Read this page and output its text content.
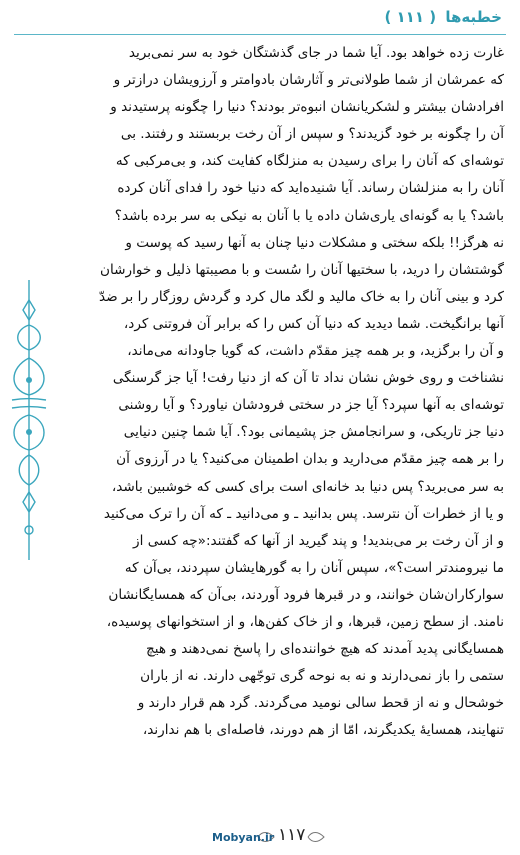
خطبه‌ها ( ۱۱۱ )
غارت زده خواهد بود. آیا شما در جای گذشتگان خود به سر نمی‌برید
که عمرشان از شما طولانی‌تر و آثارشان بادوامتر و آرزویشان درازتر و
افرادشان بیشتر و لشکریانشان انبوه‌تر بودند؟ دنیا را چگونه پرستیدند و
آن را چگونه بر خود گزیدند؟ و سپس از آن رخت بربستند و رفتند. بی
توشه‌ای که آنان را برای رسیدن به منزلگاه کفایت کند، و بی‌مرکبی که
آنان را به منزلشان رساند. آیا شنیده‌اید که دنیا خود را فدای آنان کرده
باشد؟ یا به گونه‌ای یاری‌شان داده یا با آنان به نیکی به سر برده باشد؟
نه هرگز!! بلکه سختی و مشکلات دنیا چنان به آنها رسید که پوست و
گوشتشان را درید، با سختیها آنان را سُست و با مصیبتها ذلیل و خوارشان
کرد و بینی آنان را به خاک مالید و لگد مال کرد و گردش روزگار را بر ضدّ
آنها برانگیخت. شما دیدید که دنیا آن کس را که برابر آن فروتنی کرد،
و آن را برگزید، و بر همه چیز مقدّم داشت، که گویا جاودانه می‌ماند،
نشناخت و روی خوش نشان نداد تا آن که از دنیا رفت! آیا جز گرسنگی
توشه‌ای به آنها سپرد؟ آیا جز در سختی فرودشان نیاورد؟ و آیا روشنی
دنیا جز تاریکی، و سرانجامش جز پشیمانی بود؟. آیا شما چنین دنیایی
را بر همه چیز مقدّم می‌دارید و بدان اطمینان می‌کنید؟ یا در آرزوی آن
به سر می‌برید؟ پس دنیا بد خانه‌ای است برای کسی که خوشبین باشد،
و یا از خطرات آن نترسد. پس بدانید ـ و می‌دانید ـ که آن را ترک می‌کنید
و از آن رخت بر می‌بندید! و پند گیرید از آنها که گفتند:«چه کسی از
ما نیرومندتر است؟»، سپس آنان را به گورهایشان سپردند، بی‌آن که
سوارکاران‌شان خوانند، و در قبرها فرود آوردند، بی‌آن که همسایگانشان
نامند. از سطح زمین، قبرها، و از خاک کفن‌ها، و از استخوانهای پوسیده،
همسایگانی پدید آمدند که هیچ خواننده‌ای را پاسخ نمی‌دهند و هیچ
ستمی را باز نمی‌دارند و نه به نوحه گری توجّهی دارند. نه از باران
خوشحال و نه از قحط سالی نومید می‌گردند. گرد هم قرار دارند و
تنهایند، همسایهٔ یکدیگرند، امّا از هم دورند، فاصله‌ای با هم ندارند،
Mobyan.ir ۱۱۷
